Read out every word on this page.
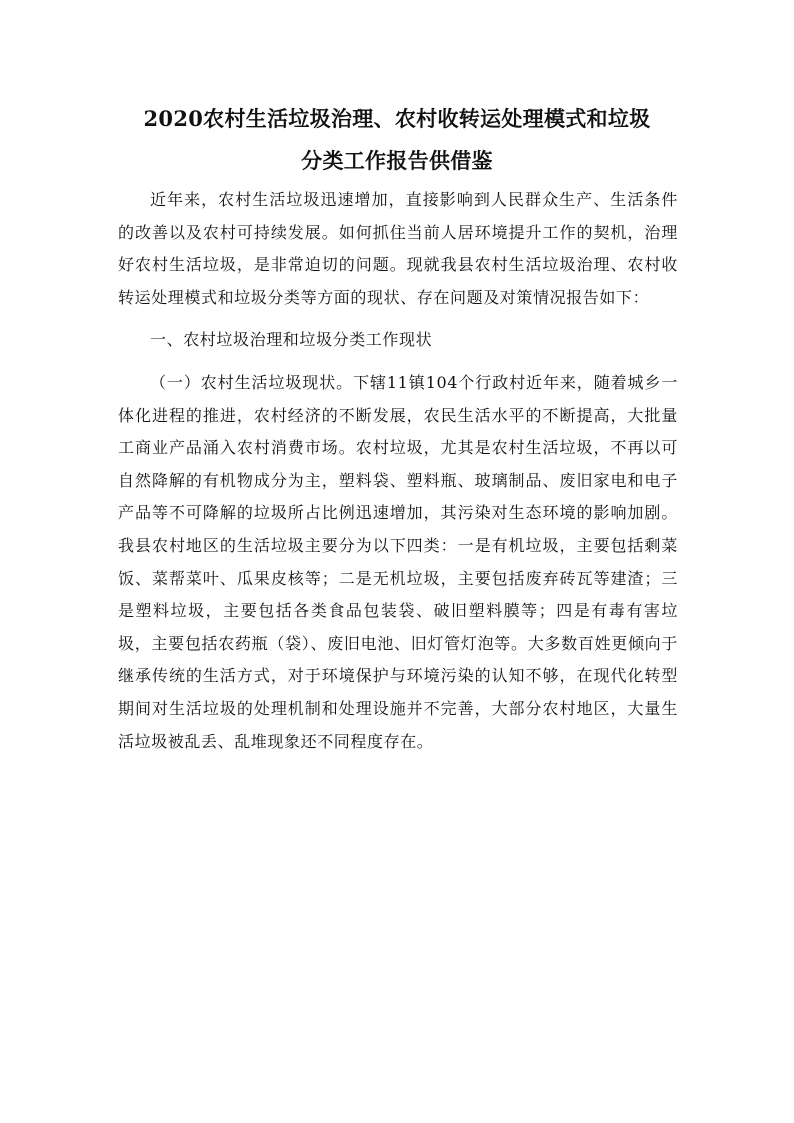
2020农村生活垃圾治理、农村收转运处理模式和垃圾
分类工作报告供借鉴

近年来，农村生活垃圾迅速增加，直接影响到人民群众生产、生活条件的改善以及农村可持续发展。如何抓住当前人居环境提升工作的契机，治理好农村生活垃圾，是非常迫切的问题。现就我县农村生活垃圾治理、农村收转运处理模式和垃圾分类等方面的现状、存在问题及对策情况报告如下：

一、农村垃圾治理和垃圾分类工作现状

（一）农村生活垃圾现状。下辖11镇104个行政村近年来，随着城乡一体化进程的推进，农村经济的不断发展，农民生活水平的不断提高，大批量工商业产品涌入农村消费市场。农村垃圾，尤其是农村生活垃圾，不再以可自然降解的有机物成分为主，塑料袋、塑料瓶、玻璃制品、废旧家电和电子产品等不可降解的垃圾所占比例迅速增加，其污染对生态环境的影响加剧。我县农村地区的生活垃圾主要分为以下四类：一是有机垃圾，主要包括剩菜饭、菜帮菜叶、瓜果皮核等；二是无机垃圾，主要包括废弃砖瓦等建渣；三是塑料垃圾，主要包括各类食品包装袋、破旧塑料膜等；四是有毒有害垃圾，主要包括农药瓶（袋）、废旧电池、旧灯管灯泡等。大多数百姓更倾向于继承传统的生活方式，对于环境保护与环境污染的认知不够，在现代化转型期间对生活垃圾的处理机制和处理设施并不完善，大部分农村地区，大量生活垃圾被乱丢、乱堆现象还不同程度存在。
